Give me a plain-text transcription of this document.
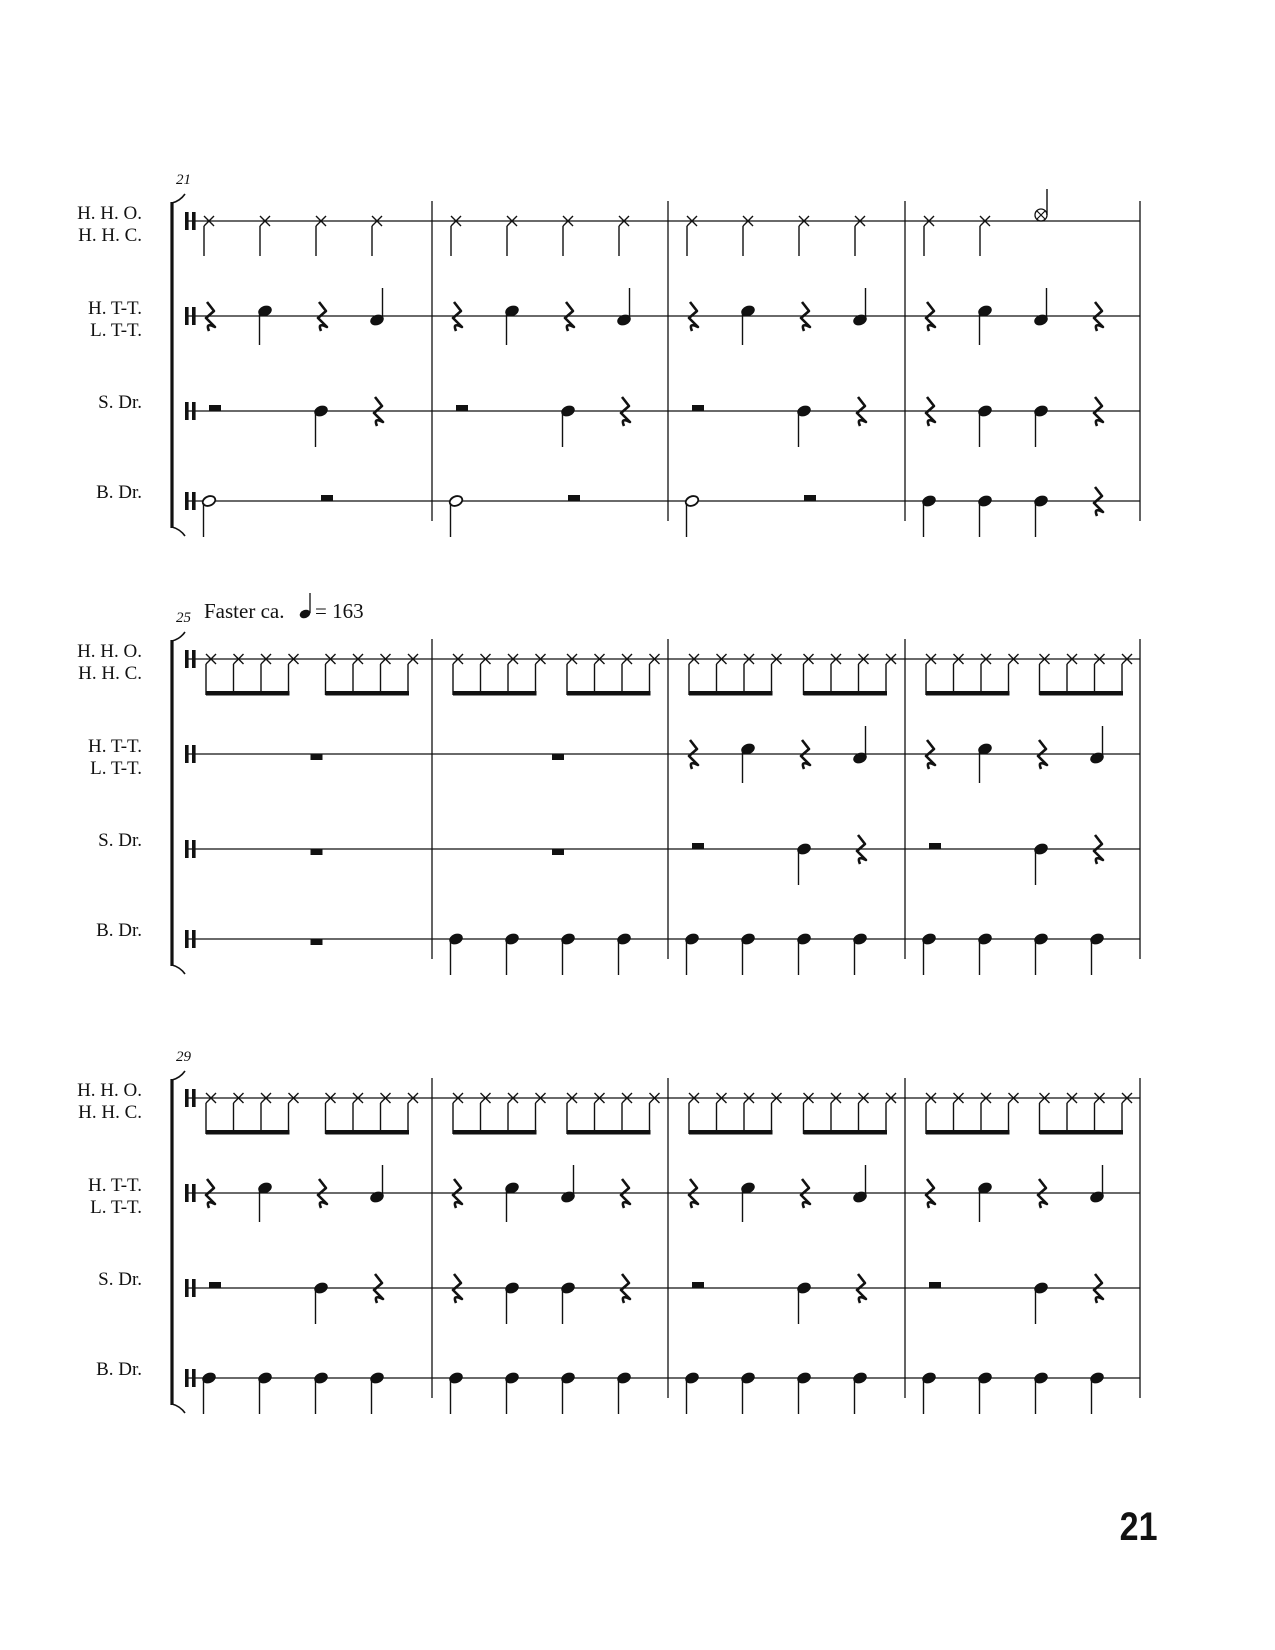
21
H. H. O.
H. H. C.
H. T-T.
L. T-T.
S. Dr.
B. Dr.
25 Faster ca. = 163
H. H. O.
H. H. C.
H. T-T.
L. T-T.
S. Dr.
B. Dr.
29
H. H. O.
H. H. C.
H. T-T.
L. T-T.
S. Dr.
B. Dr.
21
